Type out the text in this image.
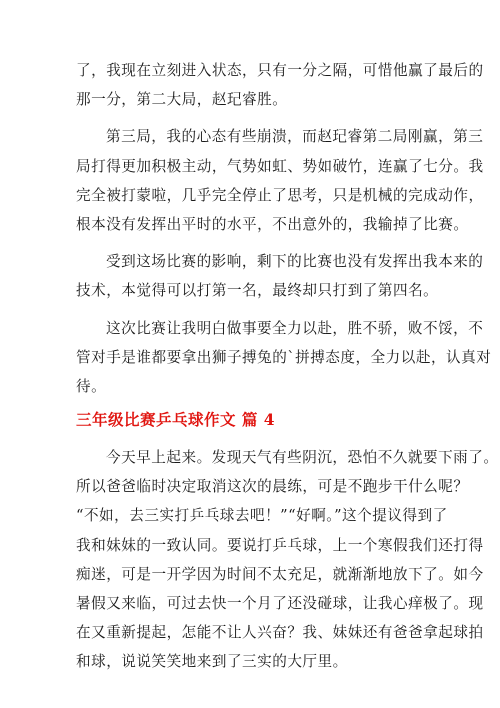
了，我现在立刻进入状态，只有一分之隔，可惜他赢了最后的
那一分，第二大局，赵玘睿胜。
第三局，我的心态有些崩溃，而赵玘睿第二局刚赢，第三
局打得更加积极主动，气势如虹、势如破竹，连赢了七分。我
完全被打蒙啦，几乎完全停止了思考，只是机械的完成动作，
根本没有发挥出平时的水平，不出意外的，我输掉了比赛。
受到这场比赛的影响，剩下的比赛也没有发挥出我本来的
技术，本觉得可以打第一名，最终却只打到了第四名。
这次比赛让我明白做事要全力以赴，胜不骄，败不馁，不
管对手是谁都要拿出狮子搏兔的`拼搏态度，全力以赴，认真对
待。
三年级比赛乒乓球作文 篇 4
今天早上起来。发现天气有些阴沉，恐怕不久就要下雨了。
所以爸爸临时决定取消这次的晨练，可是不跑步干什么呢？
“不如，去三实打乒乓球去吧！”“好啊。”这个提议得到了
我和妹妹的一致认同。要说打乒乓球，上一个寒假我们还打得
痴迷，可是一开学因为时间不太充足，就渐渐地放下了。如今
暑假又来临，可过去快一个月了还没碰球，让我心痒极了。现
在又重新提起，怎能不让人兴奋？我、妹妹还有爸爸拿起球拍
和球，说说笑笑地来到了三实的大厅里。
